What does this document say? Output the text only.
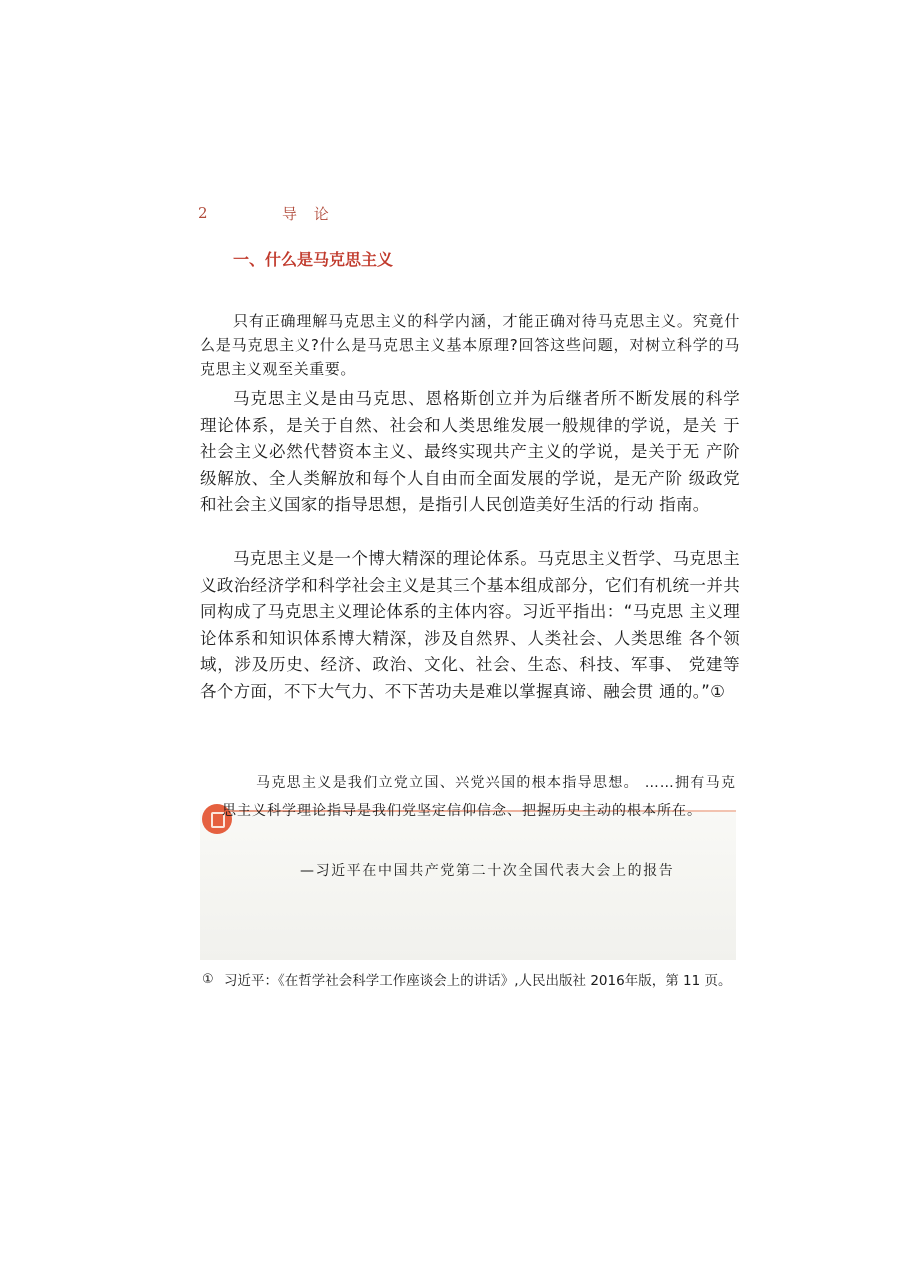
2	导 论
一、什么是马克思主义

只有正确理解马克思主义的科学内涵，才能正确对待马克思主义。究竟什么是马克思主义?什么是马克思主义基本原理?回答这些问题，对树立科学的马克思主义观至关重要。

马克思主义是由马克思、恩格斯创立并为后继者所不断发展的科学 理论体系，是关于自然、社会和人类思维发展一般规律的学说，是关 于社会主义必然代替资本主义、最终实现共产主义的学说，是关于无 产阶级解放、全人类解放和每个人自由而全面发展的学说，是无产阶 级政党和社会主义国家的指导思想，是指引人民创造美好生活的行动 指南。

马克思主义是一个博大精深的理论体系。马克思主义哲学、马克思主义政治经济学和科学社会主义是其三个基本组成部分，它们有机统一并共同构成了马克思主义理论体系的主体内容。习近平指出：“马克思 主义理论体系和知识体系博大精深，涉及自然界、人类社会、人类思维 各个领域，涉及历史、经济、政治、文化、社会、生态、科技、军事、 党建等各个方面，不下大气力、不下苦功夫是难以掌握真谛、融会贯 通的。”①

马克思主义是我们立党立国、兴党兴国的根本指导思想。 ……拥有马克思主义科学理论指导是我们党坚定信仰信念、把握历史主动的根本所在。

—习近平在中国共产党第二十次全国代表大会上的报告
① 习近平：《在哲学社会科学工作座谈会上的讲话》,人民出版社 2016年版，第 11 页。
